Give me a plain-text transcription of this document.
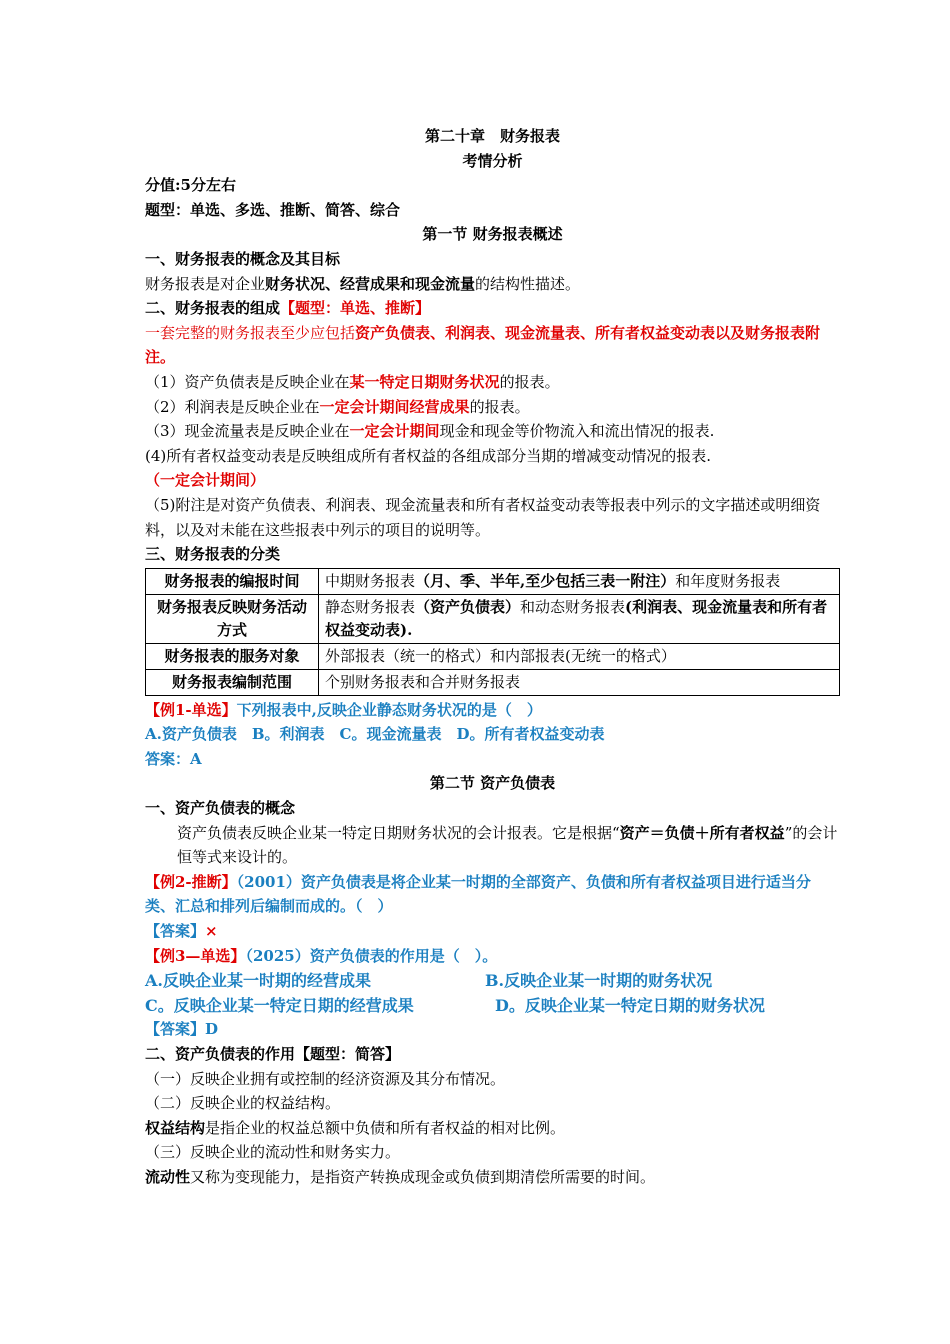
第二十章　财务报表
考情分析
分值:5分左右
题型：单选、多选、推断、简答、综合
第一节 财务报表概述
一、财务报表的概念及其目标
财务报表是对企业财务状况、经营成果和现金流量的结构性描述。
二、财务报表的组成【题型：单选、推断】
一套完整的财务报表至少应包括资产负债表、利润表、现金流量表、所有者权益变动表以及财务报表附注。
（1）资产负债表是反映企业在某一特定日期财务状况的报表。
（2）利润表是反映企业在一定会计期间经营成果的报表。
（3）现金流量表是反映企业在一定会计期间现金和现金等价物流入和流出情况的报表.
(4)所有者权益变动表是反映组成所有者权益的各组成部分当期的增减变动情况的报表.
（一定会计期间）
（5)附注是对资产负债表、利润表、现金流量表和所有者权益变动表等报表中列示的文字描述或明细资料，以及对未能在这些报表中列示的项目的说明等。
三、财务报表的分类
财务报表的编报时间	中期财务报表（月、季、半年,至少包括三表一附注）和年度财务报表
财务报表反映财务活动方式	静态财务报表（资产负债表）和动态财务报表(利润表、现金流量表和所有者权益变动表).
财务报表的服务对象	外部报表（统一的格式）和内部报表(无统一的格式）
财务报表编制范围	个别财务报表和合并财务报表
【例1-单选】下列报表中,反映企业静态财务状况的是（　）
A.资产负债表　B。利润表　C。现金流量表　D。所有者权益变动表
答案：A
第二节 资产负债表
一、资产负债表的概念
资产负债表反映企业某一特定日期财务状况的会计报表。它是根据“资产＝负债＋所有者权益”的会计恒等式来设计的。
【例2-推断】（2001）资产负债表是将企业某一时期的全部资产、负债和所有者权益项目进行适当分类、汇总和排列后编制而成的。（　）
【答案】×
【例3—单选】（2025）资产负债表的作用是（　）。
A.反映企业某一时期的经营成果	B.反映企业某一时期的财务状况
C。反映企业某一特定日期的经营成果	D。反映企业某一特定日期的财务状况
【答案】D
二、资产负债表的作用【题型：简答】
（一）反映企业拥有或控制的经济资源及其分布情况。
（二）反映企业的权益结构。
权益结构是指企业的权益总额中负债和所有者权益的相对比例。
（三）反映企业的流动性和财务实力。
流动性又称为变现能力，是指资产转换成现金或负债到期清偿所需要的时间。
